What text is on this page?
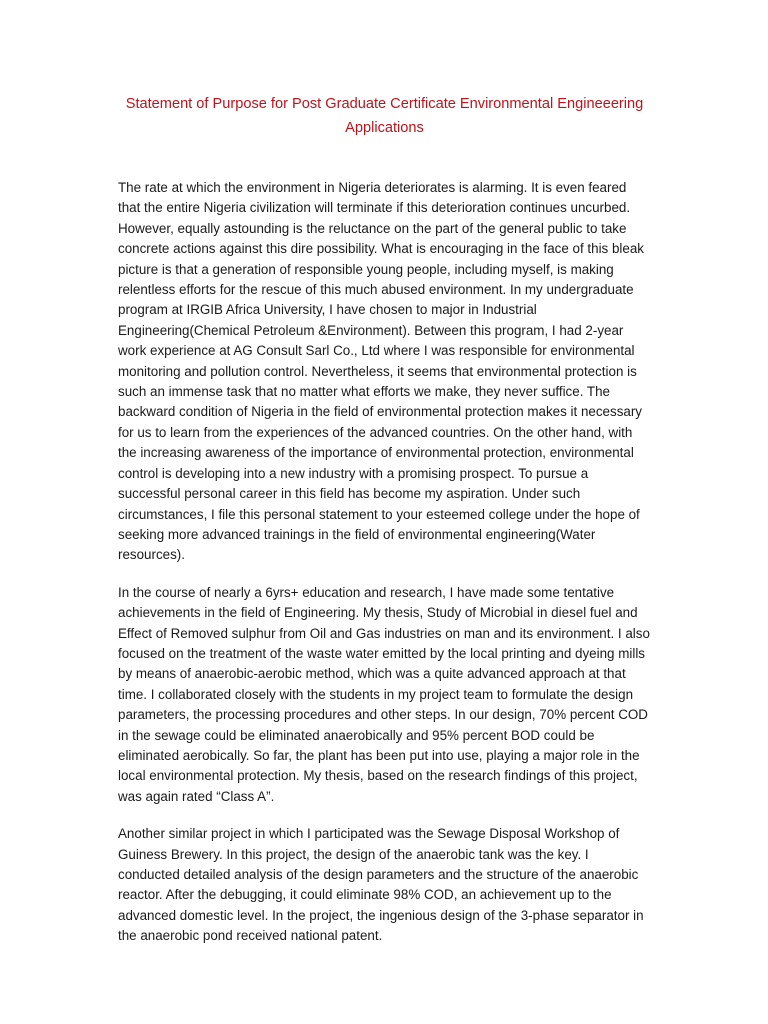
Statement of Purpose for Post Graduate Certificate Environmental Engineeering
Applications

The rate at which the environment in Nigeria deteriorates is alarming. It is even feared that the entire Nigeria civilization will terminate if this deterioration continues uncurbed. However, equally astounding is the reluctance on the part of the general public to take concrete actions against this dire possibility. What is encouraging in the face of this bleak picture is that a generation of responsible young people, including myself, is making relentless efforts for the rescue of this much abused environment. In my undergraduate program at IRGIB Africa University, I have chosen to major in Industrial Engineering(Chemical Petroleum &Environment). Between this program, I had 2-year work experience at AG Consult Sarl Co., Ltd where I was responsible for environmental monitoring and pollution control. Nevertheless, it seems that environmental protection is such an immense task that no matter what efforts we make, they never suffice. The backward condition of Nigeria in the field of environmental protection makes it necessary for us to learn from the experiences of the advanced countries. On the other hand, with the increasing awareness of the importance of environmental protection, environmental control is developing into a new industry with a promising prospect. To pursue a successful personal career in this field has become my aspiration. Under such circumstances, I file this personal statement to your esteemed college under the hope of seeking more advanced trainings in the field of environmental engineering(Water resources).

In the course of nearly a 6yrs+ education and research, I have made some tentative achievements in the field of Engineering. My thesis, Study of Microbial in diesel fuel and Effect of Removed sulphur from Oil and Gas industries on man and its environment. I also focused on the treatment of the waste water emitted by the local printing and dyeing mills by means of anaerobic-aerobic method, which was a quite advanced approach at that time. I collaborated closely with the students in my project team to formulate the design parameters, the processing procedures and other steps. In our design, 70% percent COD in the sewage could be eliminated anaerobically and 95% percent BOD could be eliminated aerobically. So far, the plant has been put into use, playing a major role in the local environmental protection. My thesis, based on the research findings of this project, was again rated “Class A”.

Another similar project in which I participated was the Sewage Disposal Workshop of Guiness Brewery. In this project, the design of the anaerobic tank was the key. I conducted detailed analysis of the design parameters and the structure of the anaerobic reactor. After the debugging, it could eliminate 98% COD, an achievement up to the advanced domestic level. In the project, the ingenious design of the 3-phase separator in the anaerobic pond received national patent.
